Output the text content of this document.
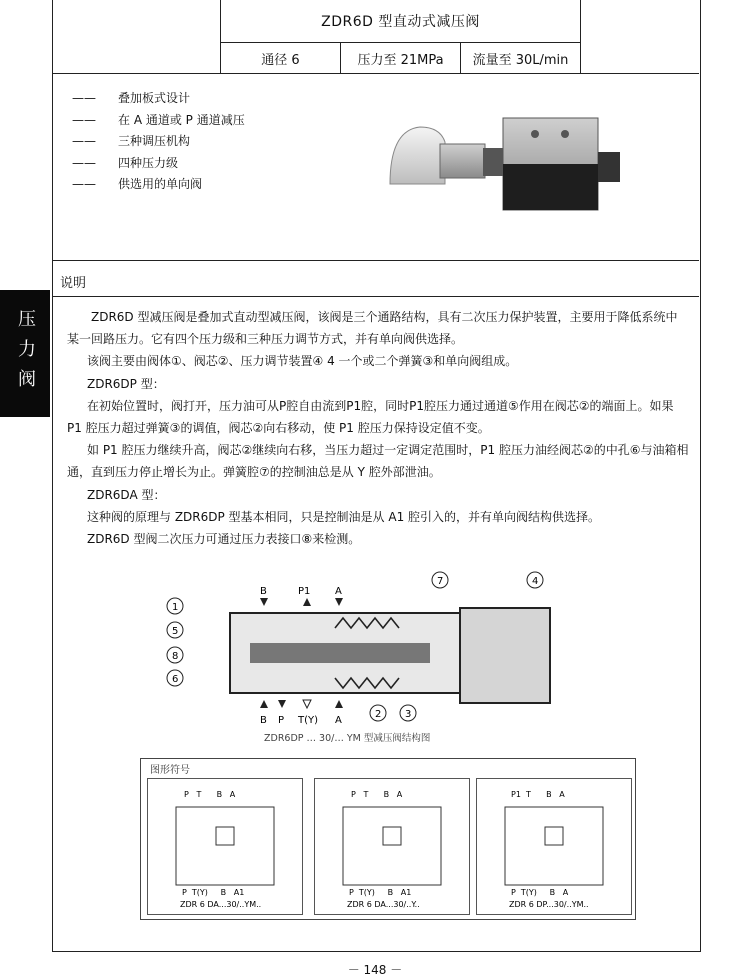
ZDR6D 型直动式减压阀
通径 6	压力至 21MPa	流量至 30L/min
——	叠加板式设计
——	在 A 通道或 P 通道减压
——	三种调压机构
——	四种压力级
——	供选用的单向阀
说明
压力阀	ZDR6D 型减压阀是叠加式直动型减压阀，该阀是三个通路结构，具有二次压力保护装置，主要用于降低系统中某一回路压力。它有四个压力级和三种压力调节方式，并有单向阀供选择。

该阀主要由阀体①、阀芯②、压力调节装置④ 4 一个或二个弹簧③和单向阀组成。

ZDR6DP 型：

在初始位置时，阀打开，压力油可从P腔自由流到P1腔，同时P1腔压力通过通道⑤作用在阀芯②的端面上。如果 P1 腔压力超过弹簧③的调值，阀芯②向右移动，使 P1 腔压力保持设定值不变。

如 P1 腔压力继续升高，阀芯②继续向右移，当压力超过一定调定范围时，P1 腔压力油经阀芯②的中孔⑥与油箱相通，直到压力停止增长为止。弹簧腔⑦的控制油总是从 Y 腔外部泄油。

ZDR6DA 型：

这种阀的原理与 ZDR6DP 型基本相同，只是控制油是从 A1 腔引入的，并有单向阀结构供选择。

ZDR6D 型阀二次压力可通过压力表接口⑧来检测。

B	P1 A
B P T(Y) A
1
5
8
6
7	4
2 3
ZDR6DP … 30/… YM 型减压阀结构图
图形符号
P   T      B   A
P  T(Y)     B   A1
ZDR 6 DA...30/..YM..
P   T      B   A
P  T(Y)     B   A1
ZDR 6 DA...30/..Y..
P1  T      B   A
P  T(Y)     B   A
ZDR 6 DP...30/..YM..
－ 148 －
